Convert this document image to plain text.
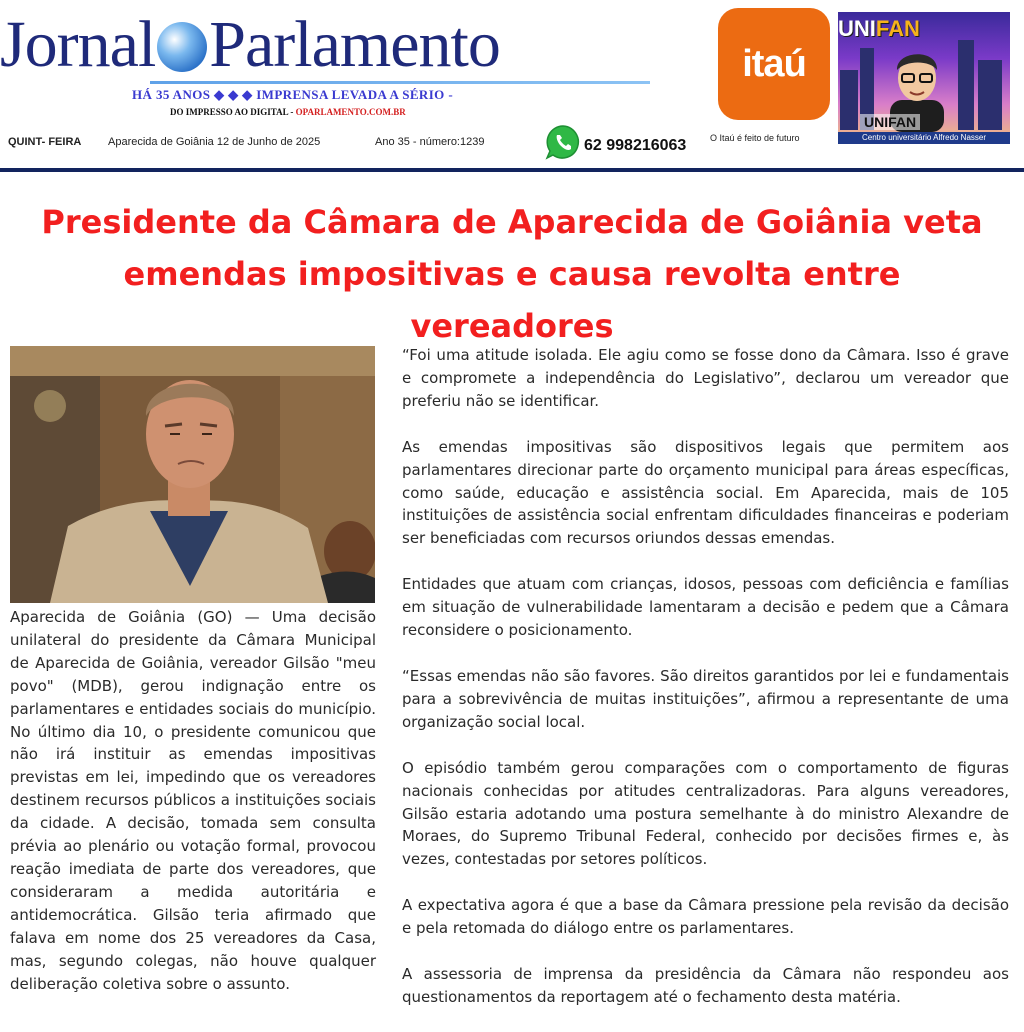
Jornal Parlamento
HÁ 35 ANOS ◆ ◆ ◆ IMPRENSA LEVADA A SÉRIO -
DO IMPRESSO AO DIGITAL - OPARLAMENTO.COM.BR
QUINT- FEIRA Aparecida de Goiânia 12 de Junho de 2025	Ano 35 - número:1239	62 998216063
itaú
O Itaú é feito de futuro
UNIFAN
UNIFAN
Centro universitário Alfredo Nasser
Presidente da Câmara de Aparecida de Goiânia veta emendas impositivas e causa revolta entre vereadores

Aparecida de Goiânia (GO) — Uma decisão unilateral do presidente da Câmara Municipal de Aparecida de Goiânia, vereador Gilsão "meu povo" (MDB), gerou indignação entre os parlamentares e entidades sociais do município. No último dia 10, o presidente comunicou que não irá instituir as emendas impositivas previstas em lei, impedindo que os vereadores destinem recursos públicos a instituições sociais da cidade. A decisão, tomada sem consulta prévia ao plenário ou votação formal, provocou reação imediata de parte dos vereadores, que consideraram a medida autoritária e antidemocrática. Gilsão teria afirmado que falava em nome dos 25 vereadores da Casa, mas, segundo colegas, não houve qualquer deliberação coletiva sobre o assunto.

“Foi uma atitude isolada. Ele agiu como se fosse dono da Câmara. Isso é grave e compromete a independência do Legislativo”, declarou um vereador que preferiu não se identificar.

As emendas impositivas são dispositivos legais que permitem aos parlamentares direcionar parte do orçamento municipal para áreas específicas, como saúde, educação e assistência social. Em Aparecida, mais de 105 instituições de assistência social enfrentam dificuldades financeiras e poderiam ser beneficiadas com recursos oriundos dessas emendas.

Entidades que atuam com crianças, idosos, pessoas com deficiência e famílias em situação de vulnerabilidade lamentaram a decisão e pedem que a Câmara reconsidere o posicionamento.

“Essas emendas não são favores. São direitos garantidos por lei e fundamentais para a sobrevivência de muitas instituições”, afirmou a representante de uma organização social local.

O episódio também gerou comparações com o comportamento de figuras nacionais conhecidas por atitudes centralizadoras. Para alguns vereadores, Gilsão estaria adotando uma postura semelhante à do ministro Alexandre de Moraes, do Supremo Tribunal Federal, conhecido por decisões firmes e, às vezes, contestadas por setores políticos.

A expectativa agora é que a base da Câmara pressione pela revisão da decisão e pela retomada do diálogo entre os parlamentares.

A assessoria de imprensa da presidência da Câmara não respondeu aos questionamentos da reportagem até o fechamento desta matéria.
